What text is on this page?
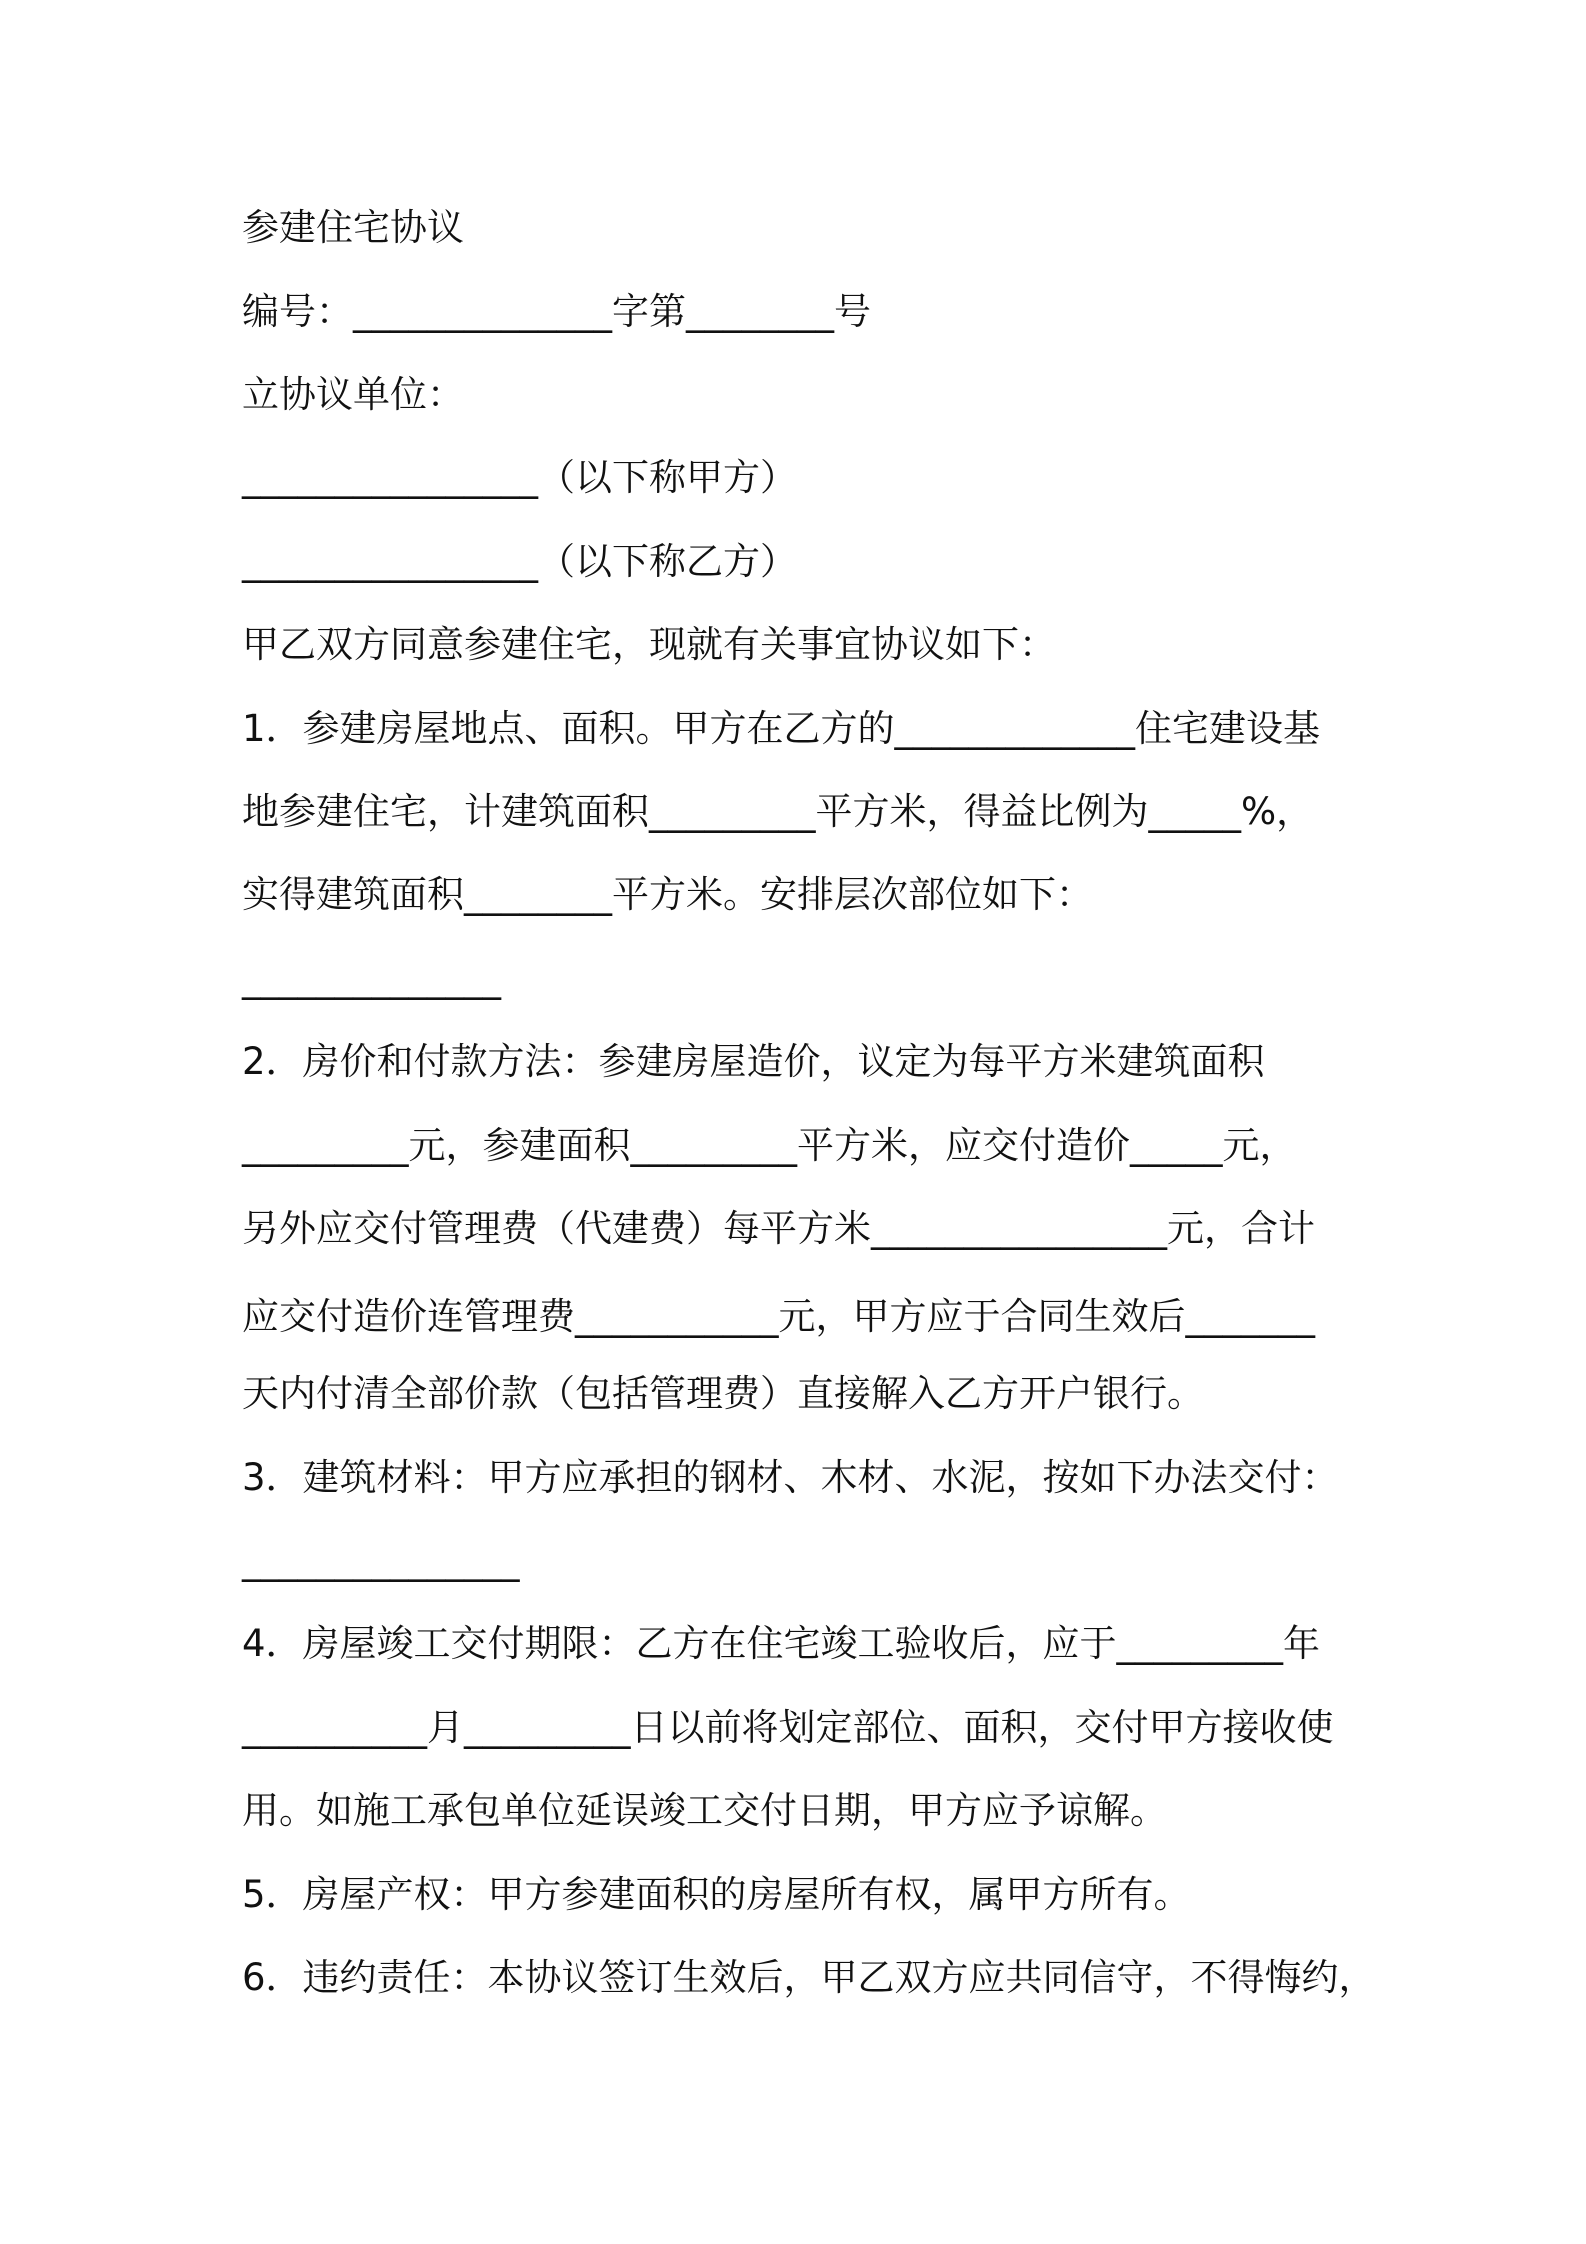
参建住宅协议
编号：______________字第________号
立协议单位：
________________（以下称甲方）
________________（以下称乙方）
甲乙双方同意参建住宅，现就有关事宜协议如下：
1．参建房屋地点、面积。甲方在乙方的_____________住宅建设基
地参建住宅，计建筑面积_________平方米，得益比例为_____%，
实得建筑面积________平方米。安排层次部位如下：
______________
2．房价和付款方法：参建房屋造价，议定为每平方米建筑面积
_________元，参建面积_________平方米，应交付造价_____元，
另外应交付管理费（代建费）每平方米________________元，合计
应交付造价连管理费___________元，甲方应于合同生效后_______
天内付清全部价款（包括管理费）直接解入乙方开户银行。
3．建筑材料：甲方应承担的钢材、木材、水泥，按如下办法交付：
_______________
4．房屋竣工交付期限：乙方在住宅竣工验收后，应于_________年
__________月_________日以前将划定部位、面积，交付甲方接收使
用。如施工承包单位延误竣工交付日期，甲方应予谅解。
5．房屋产权：甲方参建面积的房屋所有权，属甲方所有。
6．违约责任：本协议签订生效后，甲乙双方应共同信守，不得悔约，
